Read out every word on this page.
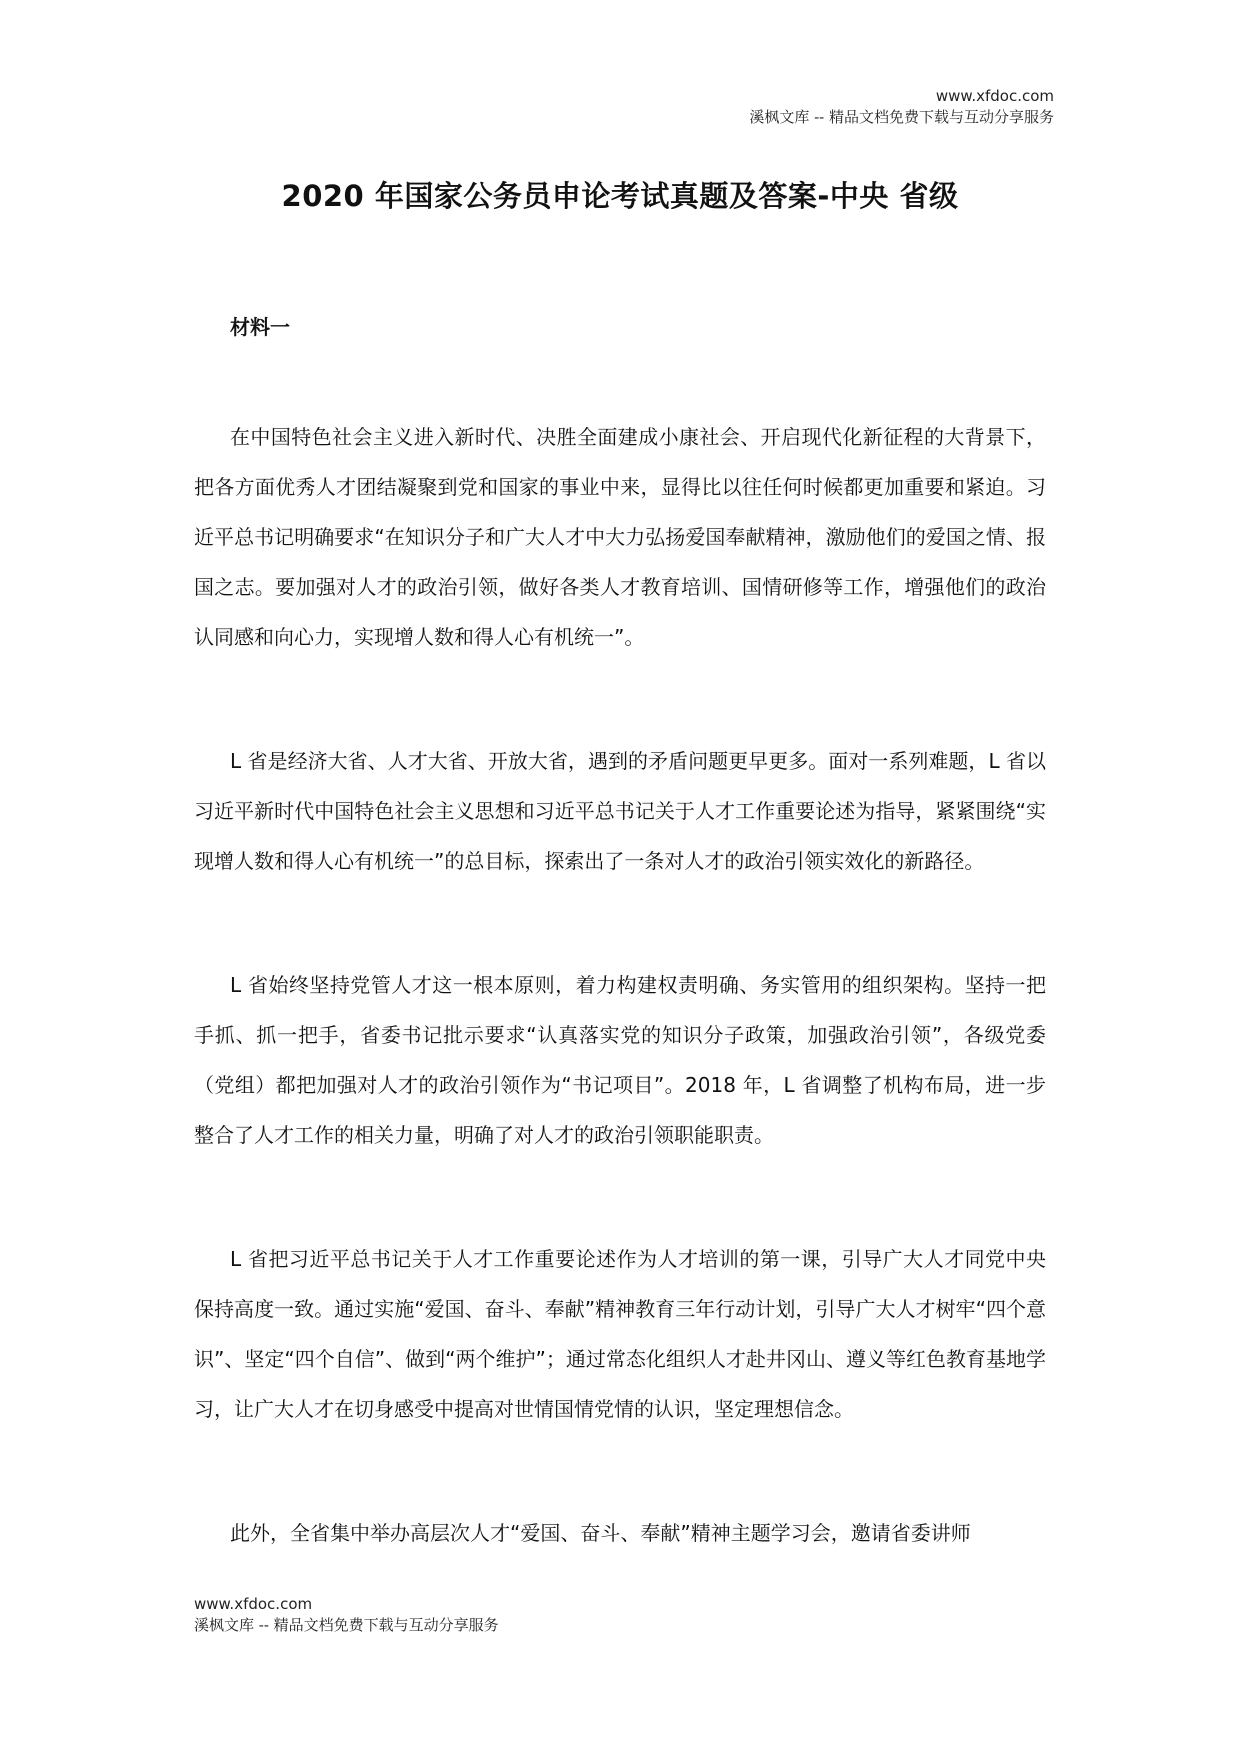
www.xfdoc.com
溪枫文库 -- 精品文档免费下载与互动分享服务
2020 年国家公务员申论考试真题及答案-中央 省级
材料一

在中国特色社会主义进入新时代、决胜全面建成小康社会、开启现代化新征程的大背景下，把各方面优秀人才团结凝聚到党和国家的事业中来，显得比以往任何时候都更加重要和紧迫。习近平总书记明确要求“在知识分子和广大人才中大力弘扬爱国奉献精神，激励他们的爱国之情、报国之志。要加强对人才的政治引领，做好各类人才教育培训、国情研修等工作，增强他们的政治认同感和向心力，实现增人数和得人心有机统一”。

L 省是经济大省、人才大省、开放大省，遇到的矛盾问题更早更多。面对一系列难题，L 省以习近平新时代中国特色社会主义思想和习近平总书记关于人才工作重要论述为指导，紧紧围绕“实现增人数和得人心有机统一”的总目标，探索出了一条对人才的政治引领实效化的新路径。

L 省始终坚持党管人才这一根本原则，着力构建权责明确、务实管用的组织架构。坚持一把手抓、抓一把手，省委书记批示要求“认真落实党的知识分子政策，加强政治引领”，各级党委（党组）都把加强对人才的政治引领作为“书记项目”。2018 年，L 省调整了机构布局，进一步整合了人才工作的相关力量，明确了对人才的政治引领职能职责。

L 省把习近平总书记关于人才工作重要论述作为人才培训的第一课，引导广大人才同党中央保持高度一致。通过实施“爱国、奋斗、奉献”精神教育三年行动计划，引导广大人才树牢“四个意识”、坚定“四个自信”、做到“两个维护”；通过常态化组织人才赴井冈山、遵义等红色教育基地学习，让广大人才在切身感受中提高对世情国情党情的认识，坚定理想信念。

此外，全省集中举办高层次人才“爱国、奋斗、奉献”精神主题学习会，邀请省委讲师

www.xfdoc.com
溪枫文库 -- 精品文档免费下载与互动分享服务
